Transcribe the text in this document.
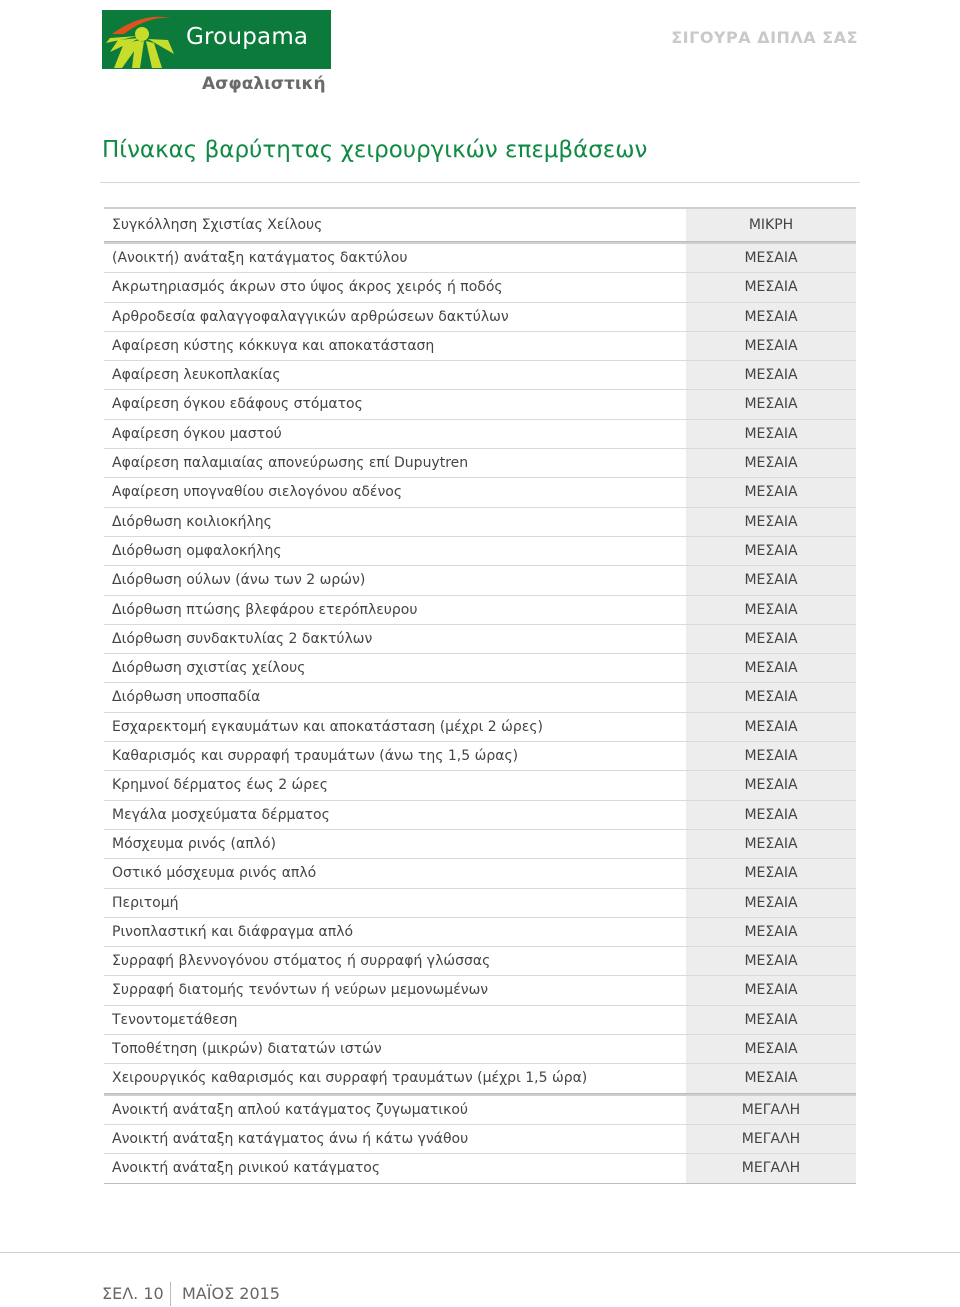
Groupama
Ασφαλιστική
ΣΙΓΟΥΡΑ ΔΙΠΛΑ ΣΑΣ
Πίνακας βαρύτητας χειρουργικών επεμβάσεων
Συγκόλληση Σχιστίας Χείλους	ΜΙΚΡΗ
(Ανοικτή) ανάταξη κατάγματος δακτύλου	ΜΕΣΑΙΑ
Ακρωτηριασμός άκρων στο ύψος άκρος χειρός ή ποδός	ΜΕΣΑΙΑ
Αρθροδεσία φαλαγγοφαλαγγικών αρθρώσεων δακτύλων	ΜΕΣΑΙΑ
Αφαίρεση κύστης κόκκυγα και αποκατάσταση	ΜΕΣΑΙΑ
Αφαίρεση λευκοπλακίας	ΜΕΣΑΙΑ
Αφαίρεση όγκου εδάφους στόματος	ΜΕΣΑΙΑ
Αφαίρεση όγκου μαστού	ΜΕΣΑΙΑ
Αφαίρεση παλαμιαίας απονεύρωσης επί Dupuytren	ΜΕΣΑΙΑ
Αφαίρεση υπογναθίου σιελογόνου αδένος	ΜΕΣΑΙΑ
Διόρθωση κοιλιοκήλης	ΜΕΣΑΙΑ
Διόρθωση ομφαλοκήλης	ΜΕΣΑΙΑ
Διόρθωση ούλων (άνω των 2 ωρών)	ΜΕΣΑΙΑ
Διόρθωση πτώσης βλεφάρου ετερόπλευρου	ΜΕΣΑΙΑ
Διόρθωση συνδακτυλίας 2 δακτύλων	ΜΕΣΑΙΑ
Διόρθωση σχιστίας χείλους	ΜΕΣΑΙΑ
Διόρθωση υποσπαδία	ΜΕΣΑΙΑ
Εσχαρεκτομή εγκαυμάτων και αποκατάσταση (μέχρι 2 ώρες)	ΜΕΣΑΙΑ
Καθαρισμός και συρραφή τραυμάτων (άνω της 1,5 ώρας)	ΜΕΣΑΙΑ
Κρημνοί δέρματος έως 2 ώρες	ΜΕΣΑΙΑ
Μεγάλα μοσχεύματα δέρματος	ΜΕΣΑΙΑ
Μόσχευμα ρινός (απλό)	ΜΕΣΑΙΑ
Οστικό μόσχευμα ρινός απλό	ΜΕΣΑΙΑ
Περιτομή	ΜΕΣΑΙΑ
Ρινοπλαστική και διάφραγμα απλό	ΜΕΣΑΙΑ
Συρραφή βλεννογόνου στόματος ή συρραφή γλώσσας	ΜΕΣΑΙΑ
Συρραφή διατομής τενόντων ή νεύρων μεμονωμένων	ΜΕΣΑΙΑ
Τενοντομετάθεση	ΜΕΣΑΙΑ
Τοποθέτηση (μικρών) διατατών ιστών	ΜΕΣΑΙΑ
Χειρουργικός καθαρισμός και συρραφή τραυμάτων (μέχρι 1,5 ώρα)	ΜΕΣΑΙΑ
Ανοικτή ανάταξη απλού κατάγματος ζυγωματικού	ΜΕΓΑΛΗ
Ανοικτή ανάταξη κατάγματος άνω ή κάτω γνάθου	ΜΕΓΑΛΗ
Ανοικτή ανάταξη ρινικού κατάγματος	ΜΕΓΑΛΗ
ΣΕΛ. 10 ΜΑΪΟΣ 2015
